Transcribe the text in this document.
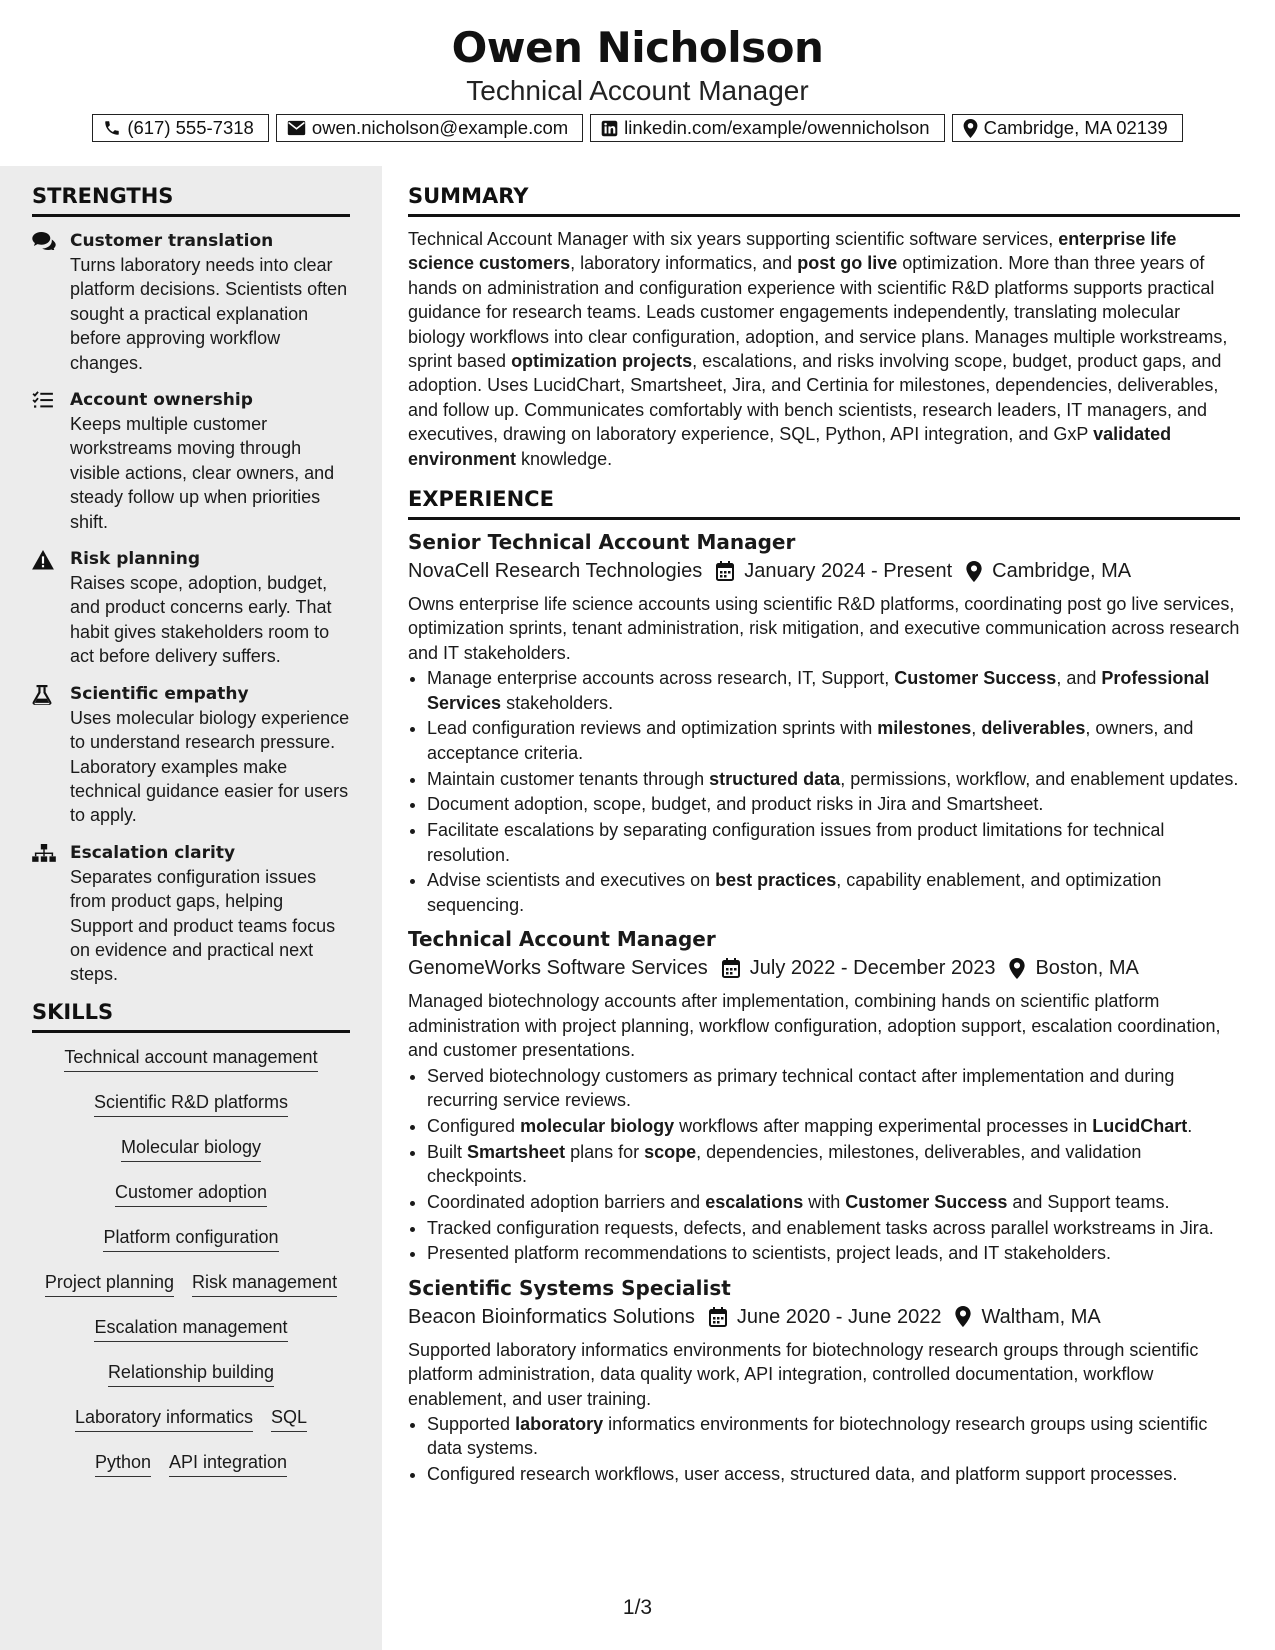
Owen Nicholson
Technical Account Manager
(617) 555-7318	owen.nicholson@example.com	linkedin.com/example/owennicholson	Cambridge, MA 02139
STRENGTHS
Customer translation
Turns laboratory needs into clear platform decisions. Scientists often sought a practical explanation before approving workflow changes.
Account ownership
Keeps multiple customer workstreams moving through visible actions, clear owners, and steady follow up when priorities shift.
Risk planning
Raises scope, adoption, budget, and product concerns early. That habit gives stakeholders room to act before delivery suffers.
Scientific empathy
Uses molecular biology experience to understand research pressure. Laboratory examples make technical guidance easier for users to apply.
Escalation clarity
Separates configuration issues from product gaps, helping Support and product teams focus on evidence and practical next steps.
SKILLS
Technical account management
Scientific R&D platforms
Molecular biology
Customer adoption
Platform configuration
Project planning Risk management
Escalation management
Relationship building
Laboratory informatics SQL
Python API integration
SUMMARY

Technical Account Manager with six years supporting scientific software services, enterprise life science customers, laboratory informatics, and post go live optimization. More than three years of hands on administration and configuration experience with scientific R&D platforms supports practical guidance for research teams. Leads customer engagements independently, translating molecular biology workflows into clear configuration, adoption, and service plans. Manages multiple workstreams, sprint based optimization projects, escalations, and risks involving scope, budget, product gaps, and adoption. Uses LucidChart, Smartsheet, Jira, and Certinia for milestones, dependencies, deliverables, and follow up. Communicates comfortably with bench scientists, research leaders, IT managers, and executives, drawing on laboratory experience, SQL, Python, API integration, and GxP validated environment knowledge.

EXPERIENCE
Senior Technical Account Manager
NovaCell Research Technologies January 2024 - Present Cambridge, MA

Owns enterprise life science accounts using scientific R&D platforms, coordinating post go live services, optimization sprints, tenant administration, risk mitigation, and executive communication across research and IT stakeholders.

• Manage enterprise accounts across research, IT, Support, Customer Success, and Professional Services stakeholders.
• Lead configuration reviews and optimization sprints with milestones, deliverables, owners, and acceptance criteria.
• Maintain customer tenants through structured data, permissions, workflow, and enablement updates.
• Document adoption, scope, budget, and product risks in Jira and Smartsheet.
• Facilitate escalations by separating configuration issues from product limitations for technical resolution.
• Advise scientists and executives on best practices, capability enablement, and optimization sequencing.
Technical Account Manager
GenomeWorks Software Services July 2022 - December 2023 Boston, MA

Managed biotechnology accounts after implementation, combining hands on scientific platform administration with project planning, workflow configuration, adoption support, escalation coordination, and customer presentations.

• Served biotechnology customers as primary technical contact after implementation and during recurring service reviews.
• Configured molecular biology workflows after mapping experimental processes in LucidChart.
• Built Smartsheet plans for scope, dependencies, milestones, deliverables, and validation checkpoints.
• Coordinated adoption barriers and escalations with Customer Success and Support teams.
• Tracked configuration requests, defects, and enablement tasks across parallel workstreams in Jira.
• Presented platform recommendations to scientists, project leads, and IT stakeholders.
Scientific Systems Specialist
Beacon Bioinformatics Solutions June 2020 - June 2022 Waltham, MA

Supported laboratory informatics environments for biotechnology research groups through scientific platform administration, data quality work, API integration, controlled documentation, workflow enablement, and user training.

• Supported laboratory informatics environments for biotechnology research groups using scientific data systems.
• Configured research workflows, user access, structured data, and platform support processes.
1/3
